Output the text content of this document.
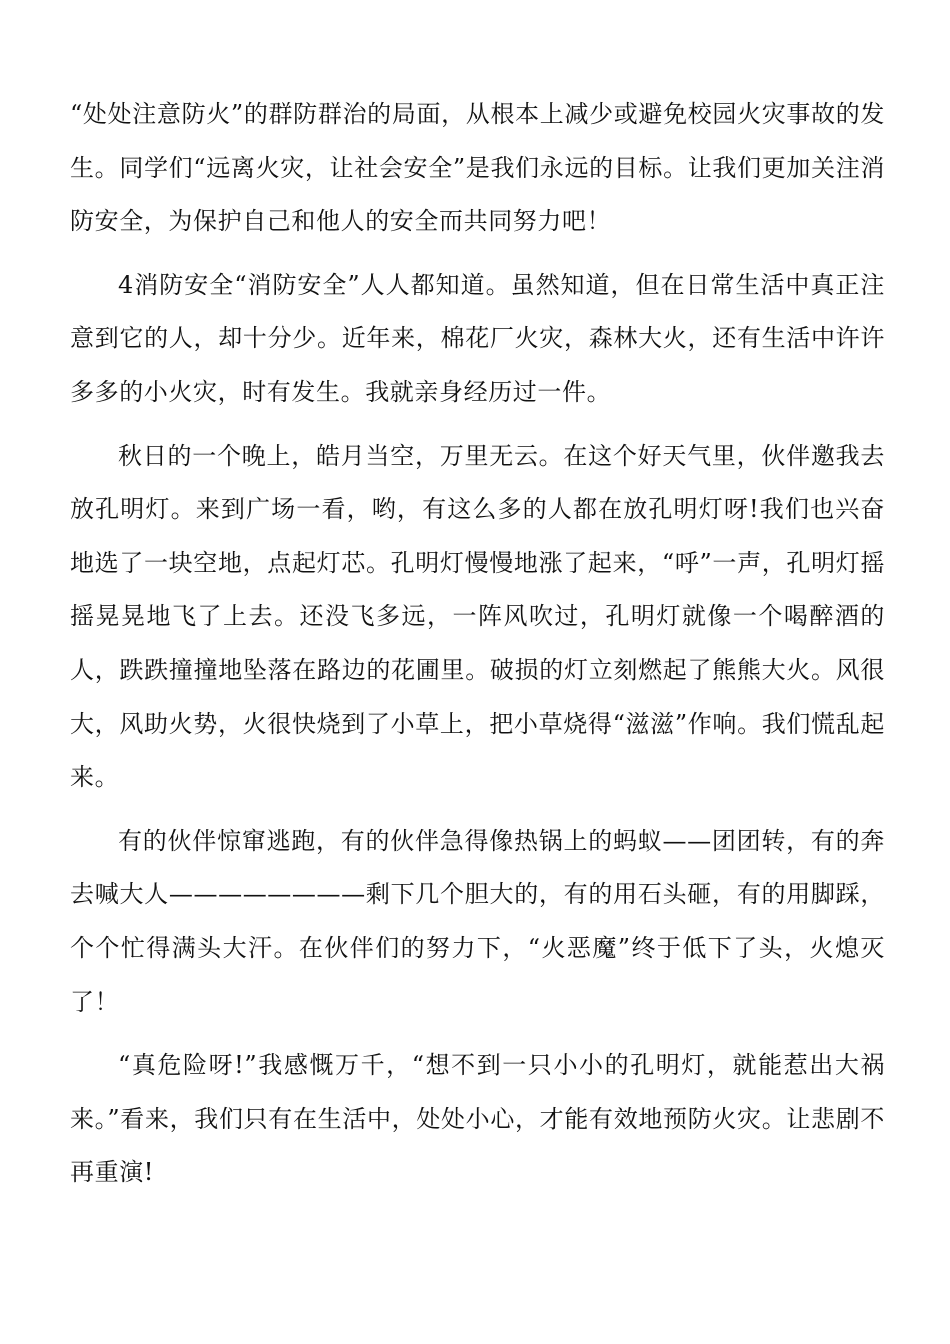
“处处注意防火”的群防群治的局面，从根本上减少或避免校园火灾事故的发生。同学们“远离火灾，让社会安全”是我们永远的目标。让我们更加关注消防安全，为保护自己和他人的安全而共同努力吧！

4消防安全“消防安全”人人都知道。虽然知道，但在日常生活中真正注意到它的人，却十分少。近年来，棉花厂火灾，森林大火，还有生活中许许多多的小火灾，时有发生。我就亲身经历过一件。

秋日的一个晚上，皓月当空，万里无云。在这个好天气里，伙伴邀我去放孔明灯。来到广场一看，哟，有这么多的人都在放孔明灯呀!我们也兴奋地选了一块空地，点起灯芯。孔明灯慢慢地涨了起来，“呼”一声，孔明灯摇摇晃晃地飞了上去。还没飞多远，一阵风吹过，孔明灯就像一个喝醉酒的人，跌跌撞撞地坠落在路边的花圃里。破损的灯立刻燃起了熊熊大火。风很大，风助火势，火很快烧到了小草上，把小草烧得“滋滋”作响。我们慌乱起来。

有的伙伴惊窜逃跑，有的伙伴急得像热锅上的蚂蚁——团团转，有的奔去喊大人————————剩下几个胆大的，有的用石头砸，有的用脚踩，个个忙得满头大汗。在伙伴们的努力下，“火恶魔”终于低下了头，火熄灭了！

“真危险呀!”我感慨万千，“想不到一只小小的孔明灯，就能惹出大祸来。”看来，我们只有在生活中，处处小心，才能有效地预防火灾。让悲剧不再重演!
